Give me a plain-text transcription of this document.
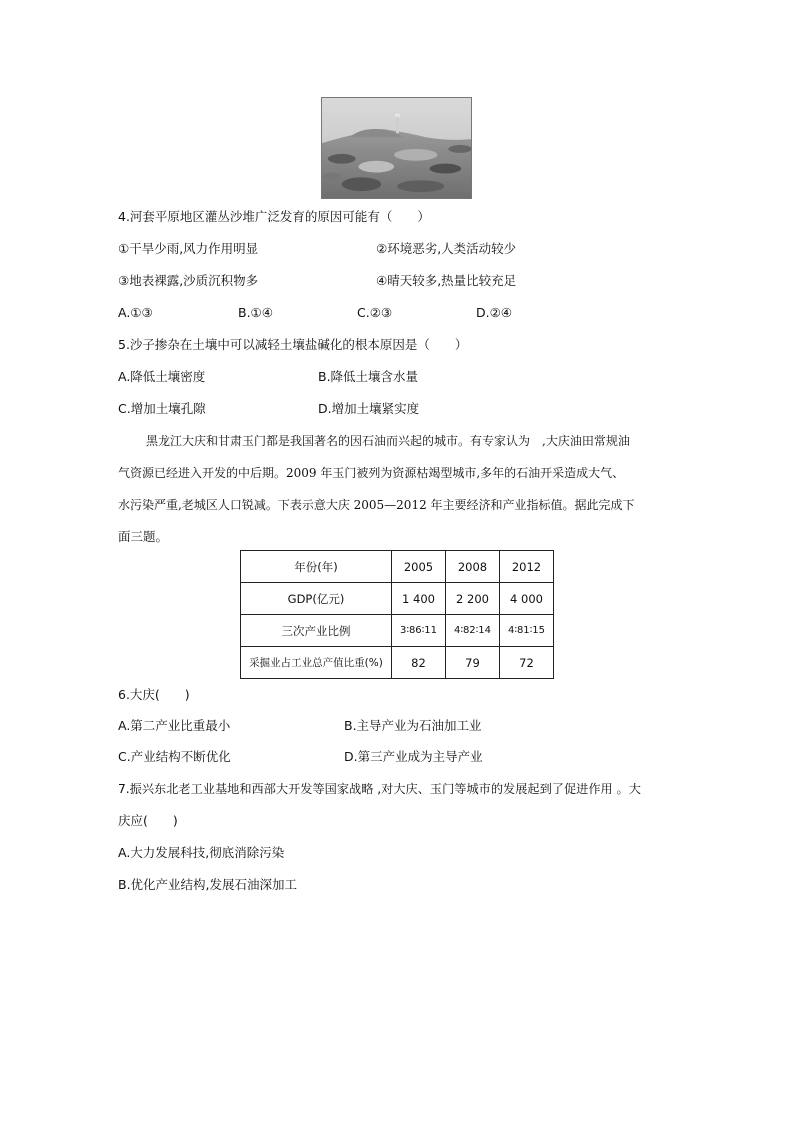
4.河套平原地区灌丛沙堆广泛发育的原因可能有（　　）
①干旱少雨,风力作用明显	②环境恶劣,人类活动较少
③地表裸露,沙质沉积物多	④晴天较多,热量比较充足
A.①③	B.①④	C.②③	D.②④
5.沙子掺杂在土壤中可以减轻土壤盐碱化的根本原因是（　　）
A.降低土壤密度	B.降低土壤含水量
C.增加土壤孔隙	D.增加土壤紧实度
黑龙江大庆和甘肃玉门都是我国著名的因石油而兴起的城市。有专家认为　,大庆油田常规油
气资源已经进入开发的中后期。2009 年玉门被列为资源枯竭型城市,多年的石油开采造成大气、
水污染严重,老城区人口锐减。下表示意大庆 2005—2012 年主要经济和产业指标值。据此完成下
面三题。
年份(年)	2005	2008	2012
GDP(亿元)	1 400	2 200	4 000
三次产业比例	3∶86∶11	4∶82∶14	4∶81∶15
采掘业占工业总产值比重(%)	82	79	72
6.大庆(　　)
A.第二产业比重最小	B.主导产业为石油加工业
C.产业结构不断优化	D.第三产业成为主导产业
7.振兴东北老工业基地和西部大开发等国家战略 ,对大庆、玉门等城市的发展起到了促进作用 。大
庆应(　　)
A.大力发展科技,彻底消除污染
B.优化产业结构,发展石油深加工
